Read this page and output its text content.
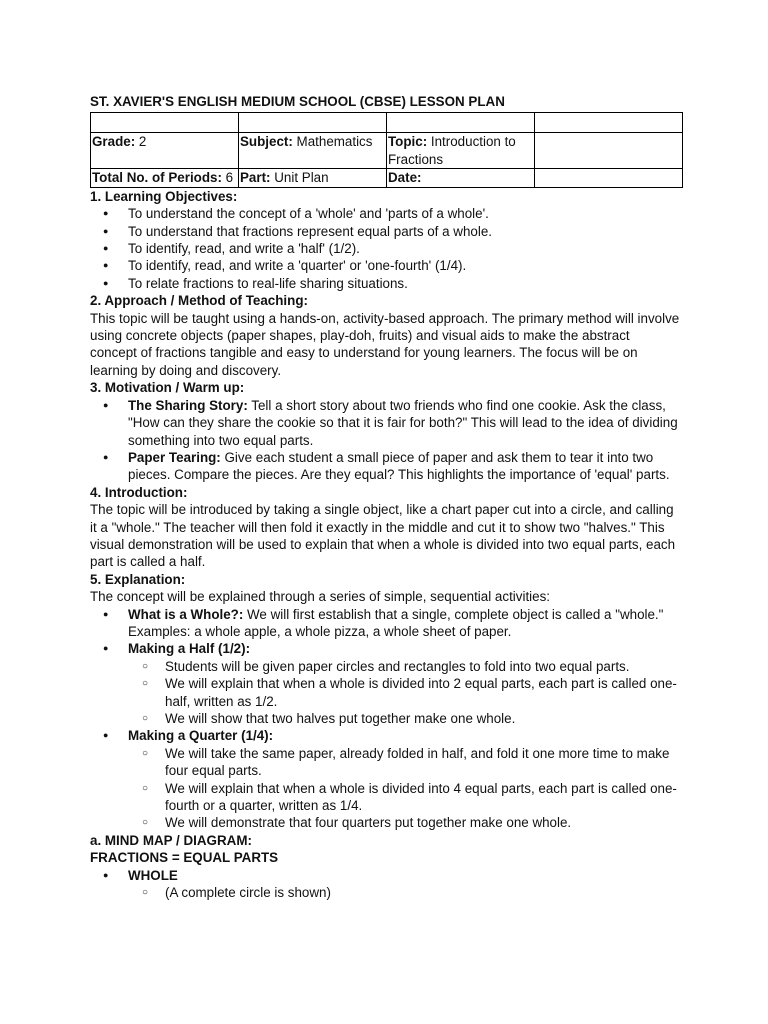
ST. XAVIER'S ENGLISH MEDIUM SCHOOL (CBSE) LESSON PLAN

Grade: 2	Subject: Mathematics	Topic: Introduction to Fractions	
Total No. of Periods: 6	Part: Unit Plan	Date:	
1. Learning Objectives:
● To understand the concept of a 'whole' and 'parts of a whole'.
● To understand that fractions represent equal parts of a whole.
● To identify, read, and write a 'half' (1/2).
● To identify, read, and write a 'quarter' or 'one-fourth' (1/4).
● To relate fractions to real-life sharing situations.
2. Approach / Method of Teaching:

This topic will be taught using a hands-on, activity-based approach. The primary method will involve using concrete objects (paper shapes, play-doh, fruits) and visual aids to make the abstract concept of fractions tangible and easy to understand for young learners. The focus will be on learning by doing and discovery.

3. Motivation / Warm up:
● The Sharing Story: Tell a short story about two friends who find one cookie. Ask the class, "How can they share the cookie so that it is fair for both?" This will lead to the idea of dividing something into two equal parts.
● Paper Tearing: Give each student a small piece of paper and ask them to tear it into two pieces. Compare the pieces. Are they equal? This highlights the importance of 'equal' parts.
4. Introduction:

The topic will be introduced by taking a single object, like a chart paper cut into a circle, and calling it a "whole." The teacher will then fold it exactly in the middle and cut it to show two "halves." This visual demonstration will be used to explain that when a whole is divided into two equal parts, each part is called a half.

5. Explanation:

The concept will be explained through a series of simple, sequential activities:

● What is a Whole?: We will first establish that a single, complete object is called a "whole." Examples: a whole apple, a whole pizza, a whole sheet of paper.
● Making a Half (1/2):
○ Students will be given paper circles and rectangles to fold into two equal parts.
○ We will explain that when a whole is divided into 2 equal parts, each part is called one-half, written as 1/2.
○ We will show that two halves put together make one whole.
● Making a Quarter (1/4):
○ We will take the same paper, already folded in half, and fold it one more time to make four equal parts.
○ We will explain that when a whole is divided into 4 equal parts, each part is called one-fourth or a quarter, written as 1/4.
○ We will demonstrate that four quarters put together make one whole.
a. MIND MAP / DIAGRAM:
FRACTIONS = EQUAL PARTS
● WHOLE
○ (A complete circle is shown)
